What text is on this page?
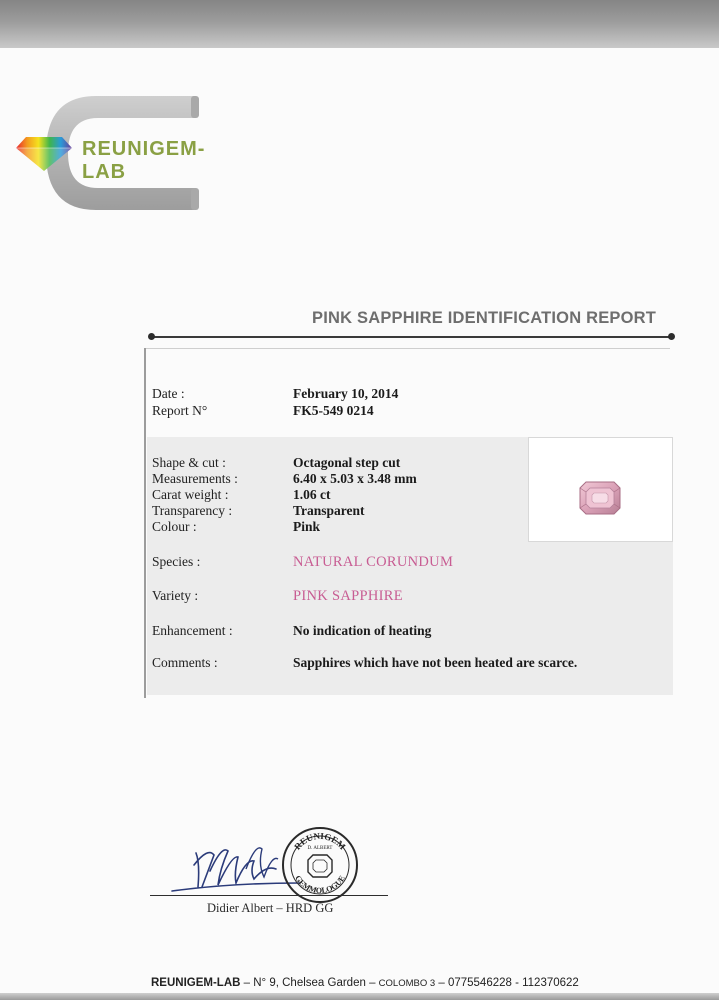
REUNIGEM-LAB
PINK SAPPHIRE IDENTIFICATION REPORT
Date :	February 10, 2014
Report N°	FK5-549 0214
Shape & cut :	Octagonal step cut
Measurements :	6.40 x 5.03 x 3.48 mm
Carat weight :	1.06 ct
Transparency :	Transparent
Colour :	Pink
Species :	NATURAL CORUNDUM
Variety :	PINK SAPPHIRE
Enhancement :	No indication of heating
Comments :	Sapphires which have not been heated are scarce.
REUNIGEM
D. ALBERT
GEMMOLOGUE
Didier Albert – HRD GG
REUNIGEM-LAB – N° 9, Chelsea Garden – COLOMBO 3 – 0775546228 - 112370622
